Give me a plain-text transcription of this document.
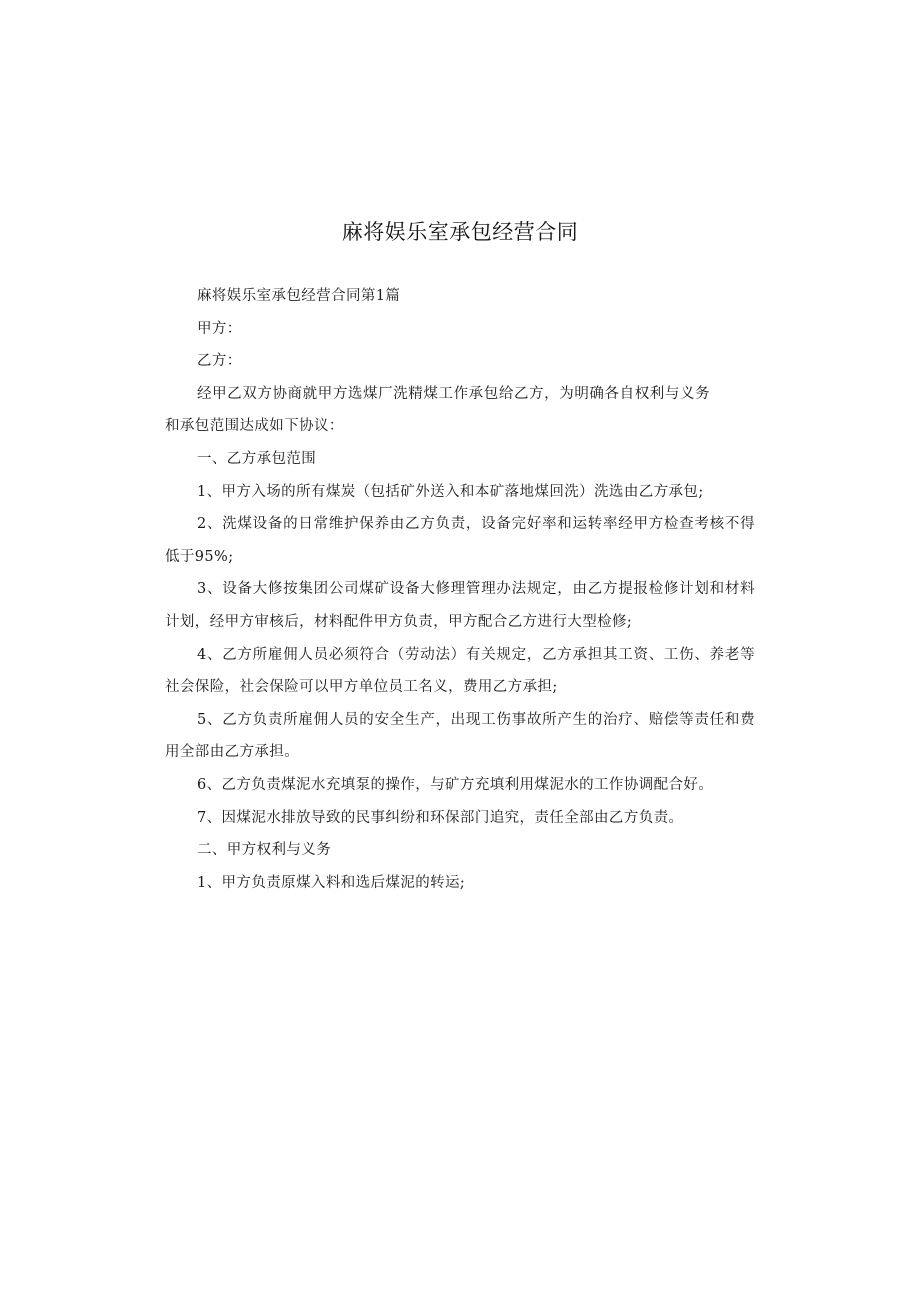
麻将娱乐室承包经营合同

麻将娱乐室承包经营合同第1篇

甲方：

乙方：

经甲乙双方协商就甲方选煤厂洗精煤工作承包给乙方，为明确各自权利与义务和承包范围达成如下协议：

一、乙方承包范围

1、甲方入场的所有煤炭（包括矿外送入和本矿落地煤回洗）洗选由乙方承包;

2、洗煤设备的日常维护保养由乙方负责，设备完好率和运转率经甲方检查考核不得低于95%;

3、设备大修按集团公司煤矿设备大修理管理办法规定，由乙方提报检修计划和材料计划，经甲方审核后，材料配件甲方负责，甲方配合乙方进行大型检修;

4、乙方所雇佣人员必须符合（劳动法）有关规定，乙方承担其工资、工伤、养老等社会保险，社会保险可以甲方单位员工名义，费用乙方承担;

5、乙方负责所雇佣人员的安全生产，出现工伤事故所产生的治疗、赔偿等责任和费用全部由乙方承担。

6、乙方负责煤泥水充填泵的操作，与矿方充填利用煤泥水的工作协调配合好。

7、因煤泥水排放导致的民事纠纷和环保部门追究，责任全部由乙方负责。

二、甲方权利与义务

1、甲方负责原煤入料和选后煤泥的转运;
